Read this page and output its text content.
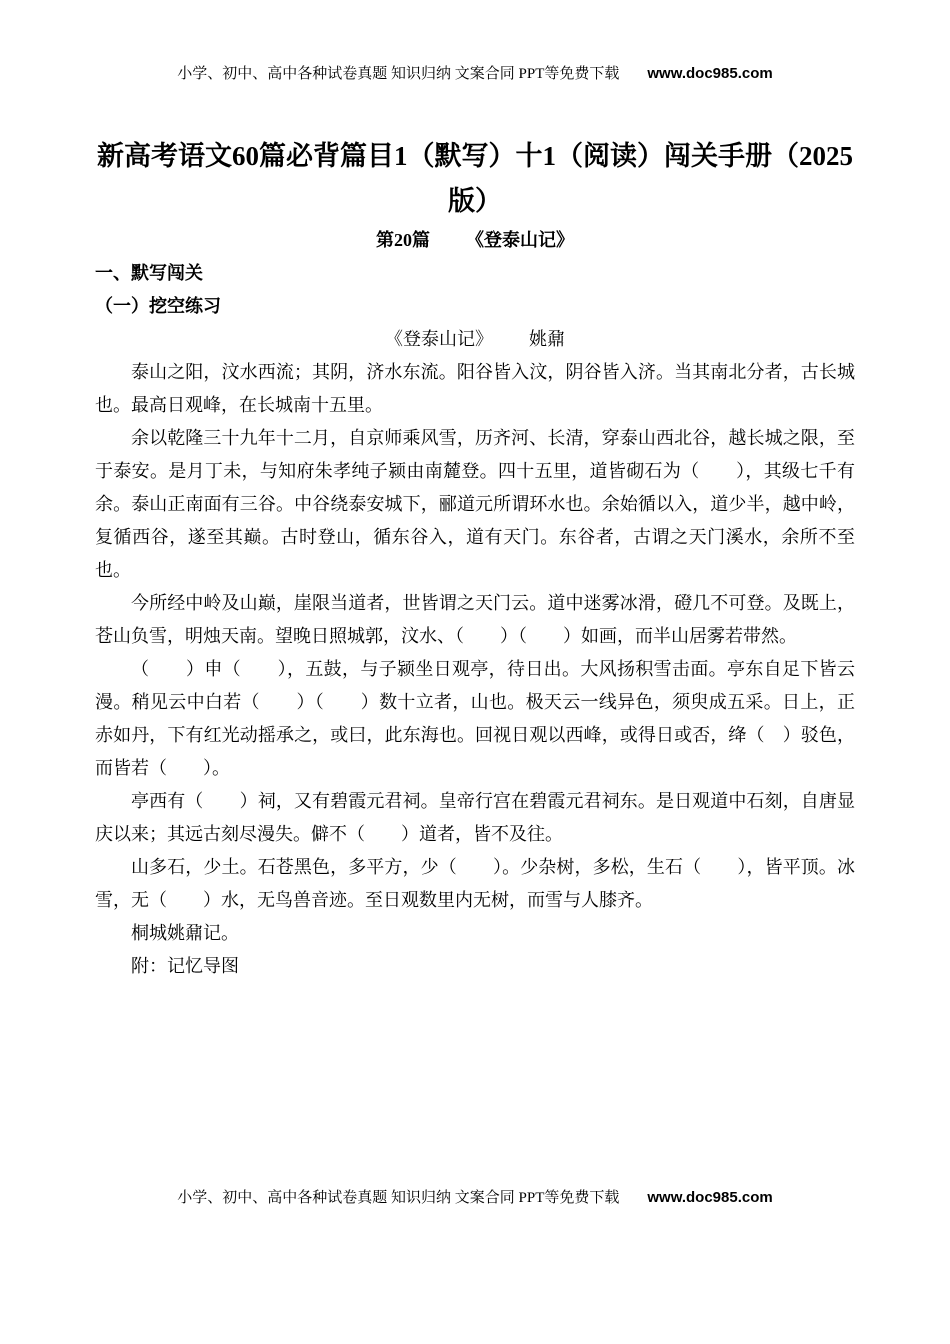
小学、初中、高中各种试卷真题 知识归纳 文案合同 PPT等免费下载 www.doc985.com
新高考语文60篇必背篇目1（默写）十1（阅读）闯关手册（2025版）
第20篇 《登泰山记》
一、默写闯关
（一）挖空练习
《登泰山记》 姚鼐

泰山之阳，汶水西流；其阴，济水东流。阳谷皆入汶，阴谷皆入济。当其南北分者，古长城也。最高日观峰，在长城南十五里。

余以乾隆三十九年十二月，自京师乘风雪，历齐河、长清，穿泰山西北谷，越长城之限，至于泰安。是月丁未，与知府朱孝纯子颍由南麓登。四十五里，道皆砌石为（　　），其级七千有余。泰山正南面有三谷。中谷绕泰安城下，郦道元所谓环水也。余始循以入，道少半，越中岭，复循西谷，遂至其巅。古时登山，循东谷入，道有天门。东谷者，古谓之天门溪水，余所不至也。

今所经中岭及山巅，崖限当道者，世皆谓之天门云。道中迷雾冰滑，磴几不可登。及既上，苍山负雪，明烛天南。望晚日照城郭，汶水、（　　）（　　）如画，而半山居雾若带然。

（　　）申（　　），五鼓，与子颍坐日观亭，待日出。大风扬积雪击面。亭东自足下皆云漫。稍见云中白若（　　）（　　）数十立者，山也。极天云一线异色，须臾成五采。日上，正赤如丹，下有红光动摇承之，或曰，此东海也。回视日观以西峰，或得日或否，绛（　）驳色，而皆若（　　）。

亭西有（　　）祠，又有碧霞元君祠。皇帝行宫在碧霞元君祠东。是日观道中石刻，自唐显庆以来；其远古刻尽漫失。僻不（　　）道者，皆不及往。

山多石，少土。石苍黑色，多平方，少（　　）。少杂树，多松，生石（　　），皆平顶。冰雪，无（　　）水，无鸟兽音迹。至日观数里内无树，而雪与人膝齐。

桐城姚鼐记。

附：记忆导图

小学、初中、高中各种试卷真题 知识归纳 文案合同 PPT等免费下载 www.doc985.com
